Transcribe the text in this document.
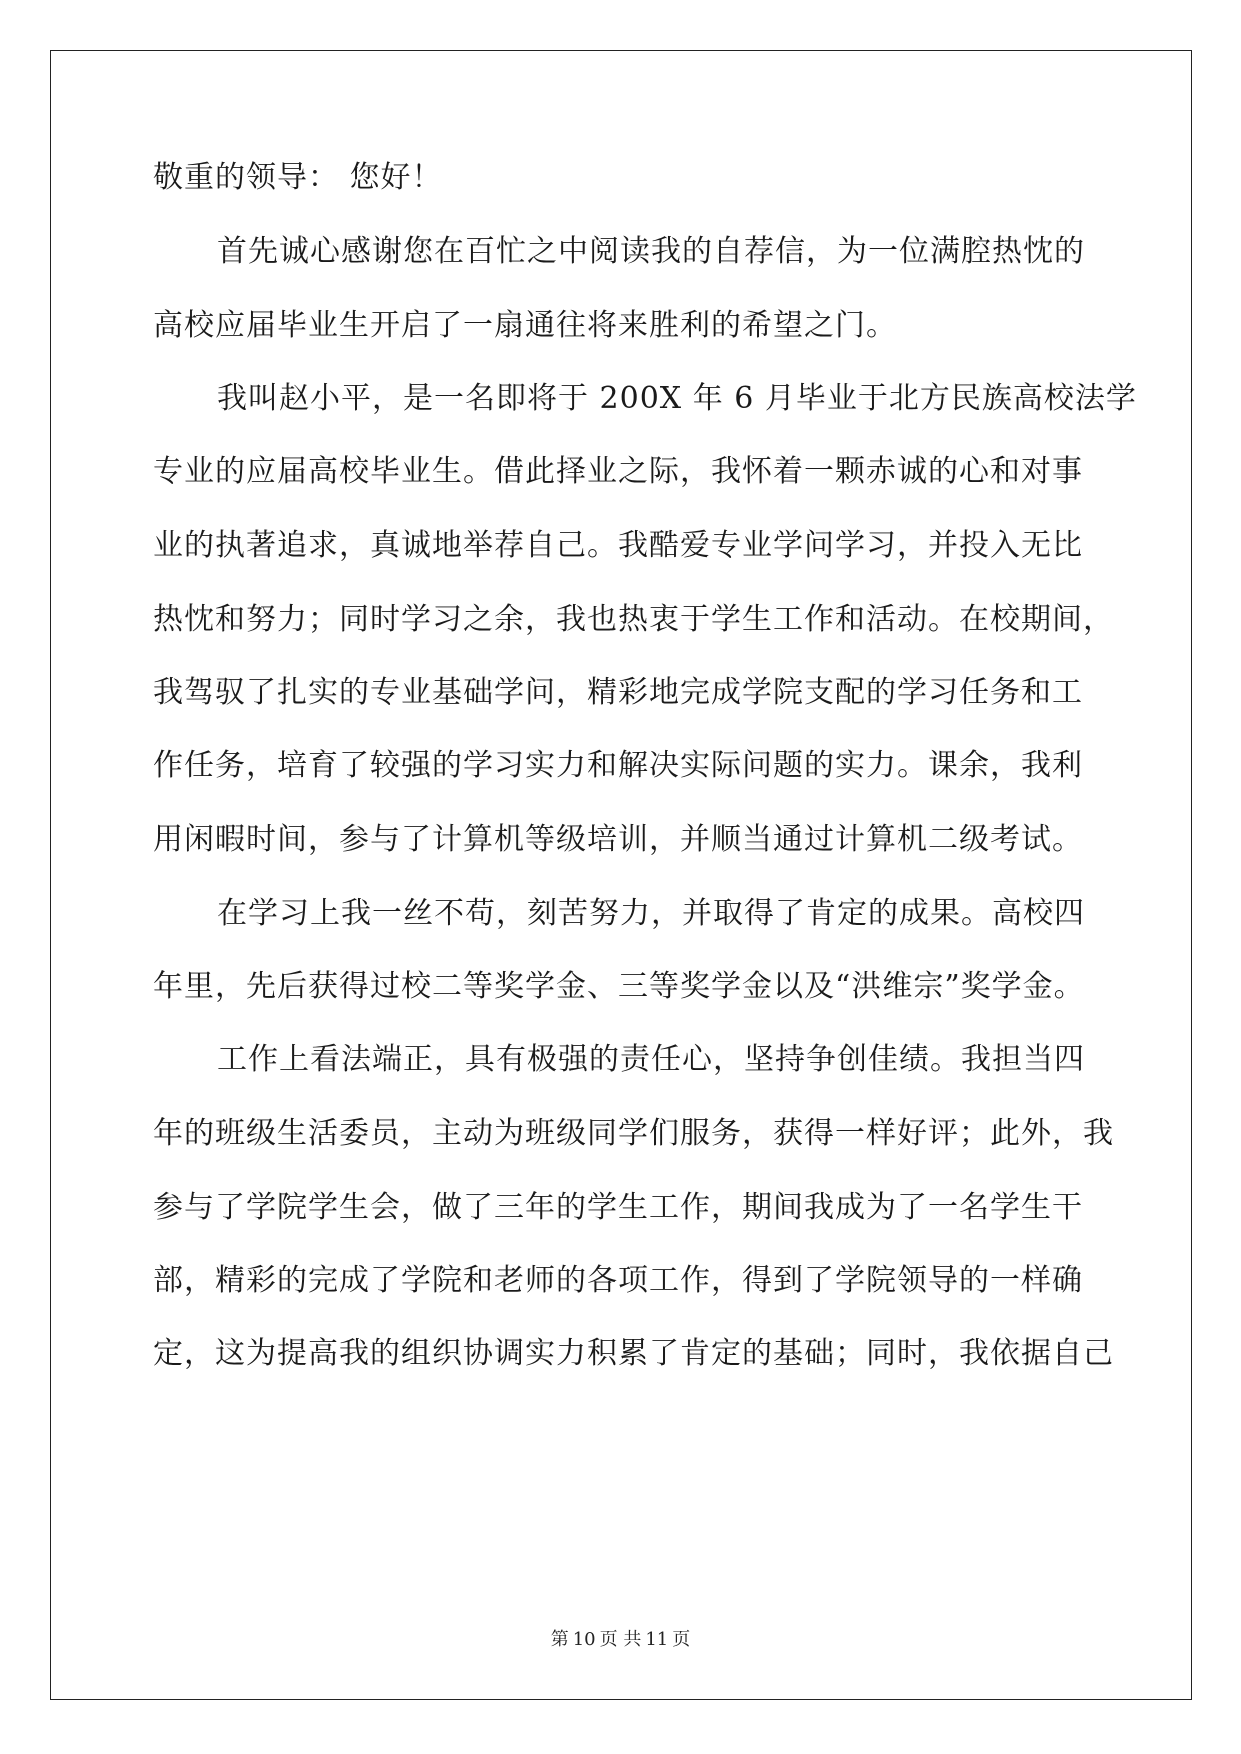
敬重的领导： 您好！
首先诚心感谢您在百忙之中阅读我的自荐信，为一位满腔热忱的
高校应届毕业生开启了一扇通往将来胜利的希望之门。
我叫赵小平，是一名即将于 200X 年 6 月毕业于北方民族高校法学
专业的应届高校毕业生。借此择业之际，我怀着一颗赤诚的心和对事
业的执著追求，真诚地举荐自己。我酷爱专业学问学习，并投入无比
热忱和努力；同时学习之余，我也热衷于学生工作和活动。在校期间，
我驾驭了扎实的专业基础学问，精彩地完成学院支配的学习任务和工
作任务，培育了较强的学习实力和解决实际问题的实力。课余，我利
用闲暇时间，参与了计算机等级培训，并顺当通过计算机二级考试。
在学习上我一丝不苟，刻苦努力，并取得了肯定的成果。高校四
年里，先后获得过校二等奖学金、三等奖学金以及“洪维宗”奖学金。
工作上看法端正，具有极强的责任心，坚持争创佳绩。我担当四
年的班级生活委员，主动为班级同学们服务，获得一样好评；此外，我
参与了学院学生会，做了三年的学生工作，期间我成为了一名学生干
部，精彩的完成了学院和老师的各项工作，得到了学院领导的一样确
定，这为提高我的组织协调实力积累了肯定的基础；同时，我依据自己
第 10 页 共 11 页
